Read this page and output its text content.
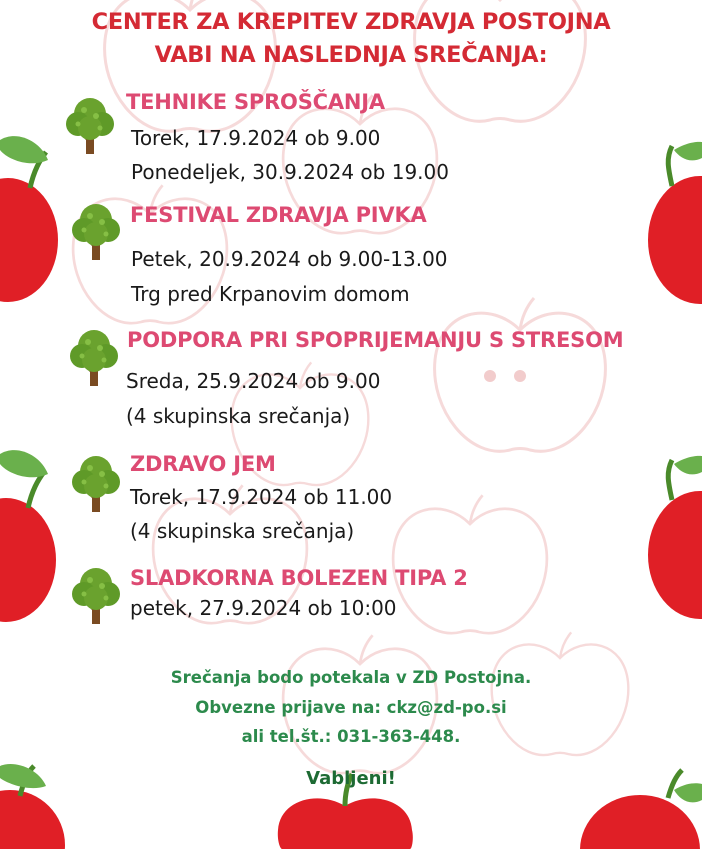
CENTER ZA KREPITEV ZDRAVJA POSTOJNA
VABI NA NASLEDNJA SREČANJA:
TEHNIKE SPROŠČANJA
Torek, 17.9.2024 ob 9.00
Ponedeljek, 30.9.2024 ob 19.00
FESTIVAL ZDRAVJA PIVKA
Petek, 20.9.2024 ob 9.00-13.00
Trg pred Krpanovim domom
PODPORA PRI SPOPRIJEMANJU S STRESOM
Sreda, 25.9.2024 ob 9.00
(4 skupinska srečanja)
ZDRAVO JEM
Torek, 17.9.2024 ob 11.00
(4 skupinska srečanja)
SLADKORNA BOLEZEN TIPA 2
petek, 27.9.2024 ob 10:00
Srečanja bodo potekala v ZD Postojna.
Obvezne prijave na: ckz@zd-po.si
ali tel.št.: 031-363-448.
Vabljeni!
